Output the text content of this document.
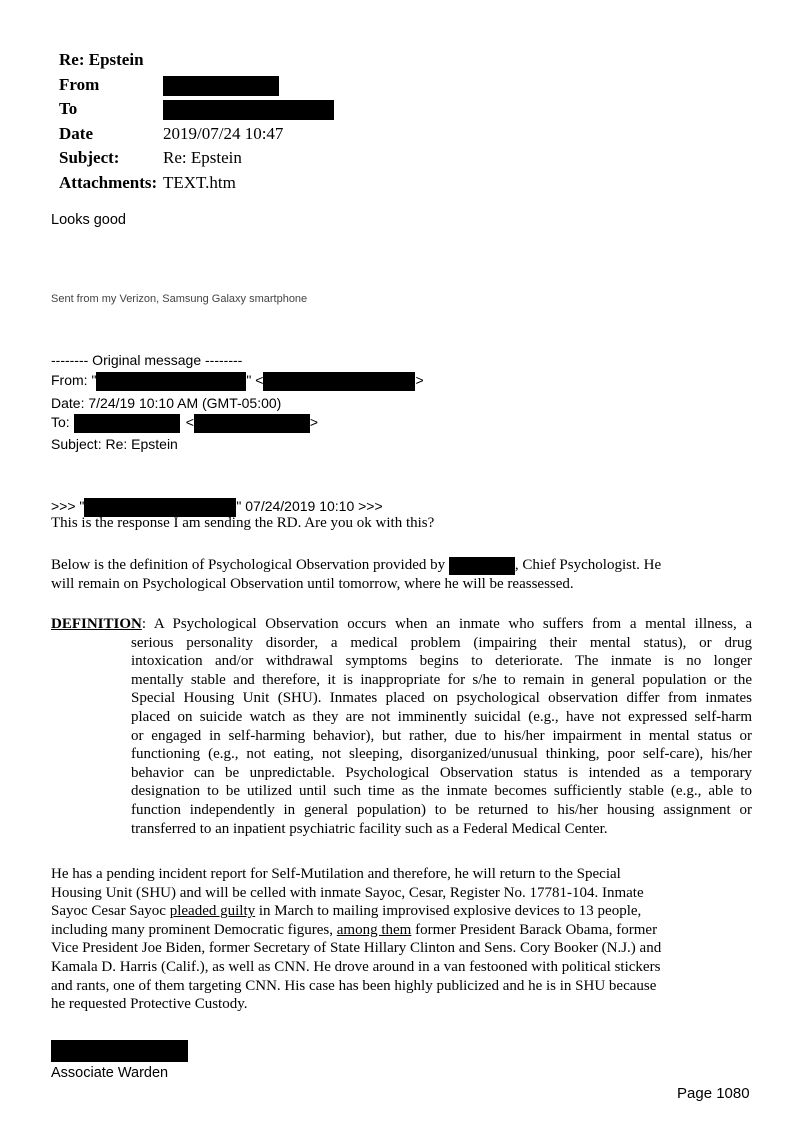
Re: Epstein
From
To
Date	2019/07/24 10:47
Subject:	Re: Epstein
Attachments: TEXT.htm
Looks good
Sent from my Verizon, Samsung Galaxy smartphone
-------- Original message --------
From: "	" <	>
Date: 7/24/19 10:10 AM (GMT-05:00)
To:	<	>
Subject: Re: Epstein
>>> "	" 07/24/2019 10:10 >>>
This is the response I am sending the RD. Are you ok with this?
Below is the definition of Psychological Observation provided by	, Chief Psychologist. He
will remain on Psychological Observation until tomorrow, where he will be reassessed.
DEFINITION: A Psychological Observation occurs when an inmate who suffers from a mental illness, a
serious personality disorder, a medical problem (impairing their mental status), or drug
intoxication and/or withdrawal symptoms begins to deteriorate. The inmate is no longer
mentally stable and therefore, it is inappropriate for s/he to remain in general population or the
Special Housing Unit (SHU). Inmates placed on psychological observation differ from inmates
placed on suicide watch as they are not imminently suicidal (e.g., have not expressed self-harm
or engaged in self-harming behavior), but rather, due to his/her impairment in mental status or
functioning (e.g., not eating, not sleeping, disorganized/unusual thinking, poor self-care), his/her
behavior can be unpredictable. Psychological Observation status is intended as a temporary
designation to be utilized until such time as the inmate becomes sufficiently stable (e.g., able to
function independently in general population) to be returned to his/her housing assignment or
transferred to an inpatient psychiatric facility such as a Federal Medical Center.
He has a pending incident report for Self-Mutilation and therefore, he will return to the Special
Housing Unit (SHU) and will be celled with inmate Sayoc, Cesar, Register No. 17781-104. Inmate
Sayoc Cesar Sayoc pleaded guilty in March to mailing improvised explosive devices to 13 people,
including many prominent Democratic figures, among them former President Barack Obama, former
Vice President Joe Biden, former Secretary of State Hillary Clinton and Sens. Cory Booker (N.J.) and
Kamala D. Harris (Calif.), as well as CNN. He drove around in a van festooned with political stickers
and rants, one of them targeting CNN. His case has been highly publicized and he is in SHU because
he requested Protective Custody.
Associate Warden
Page 1080
